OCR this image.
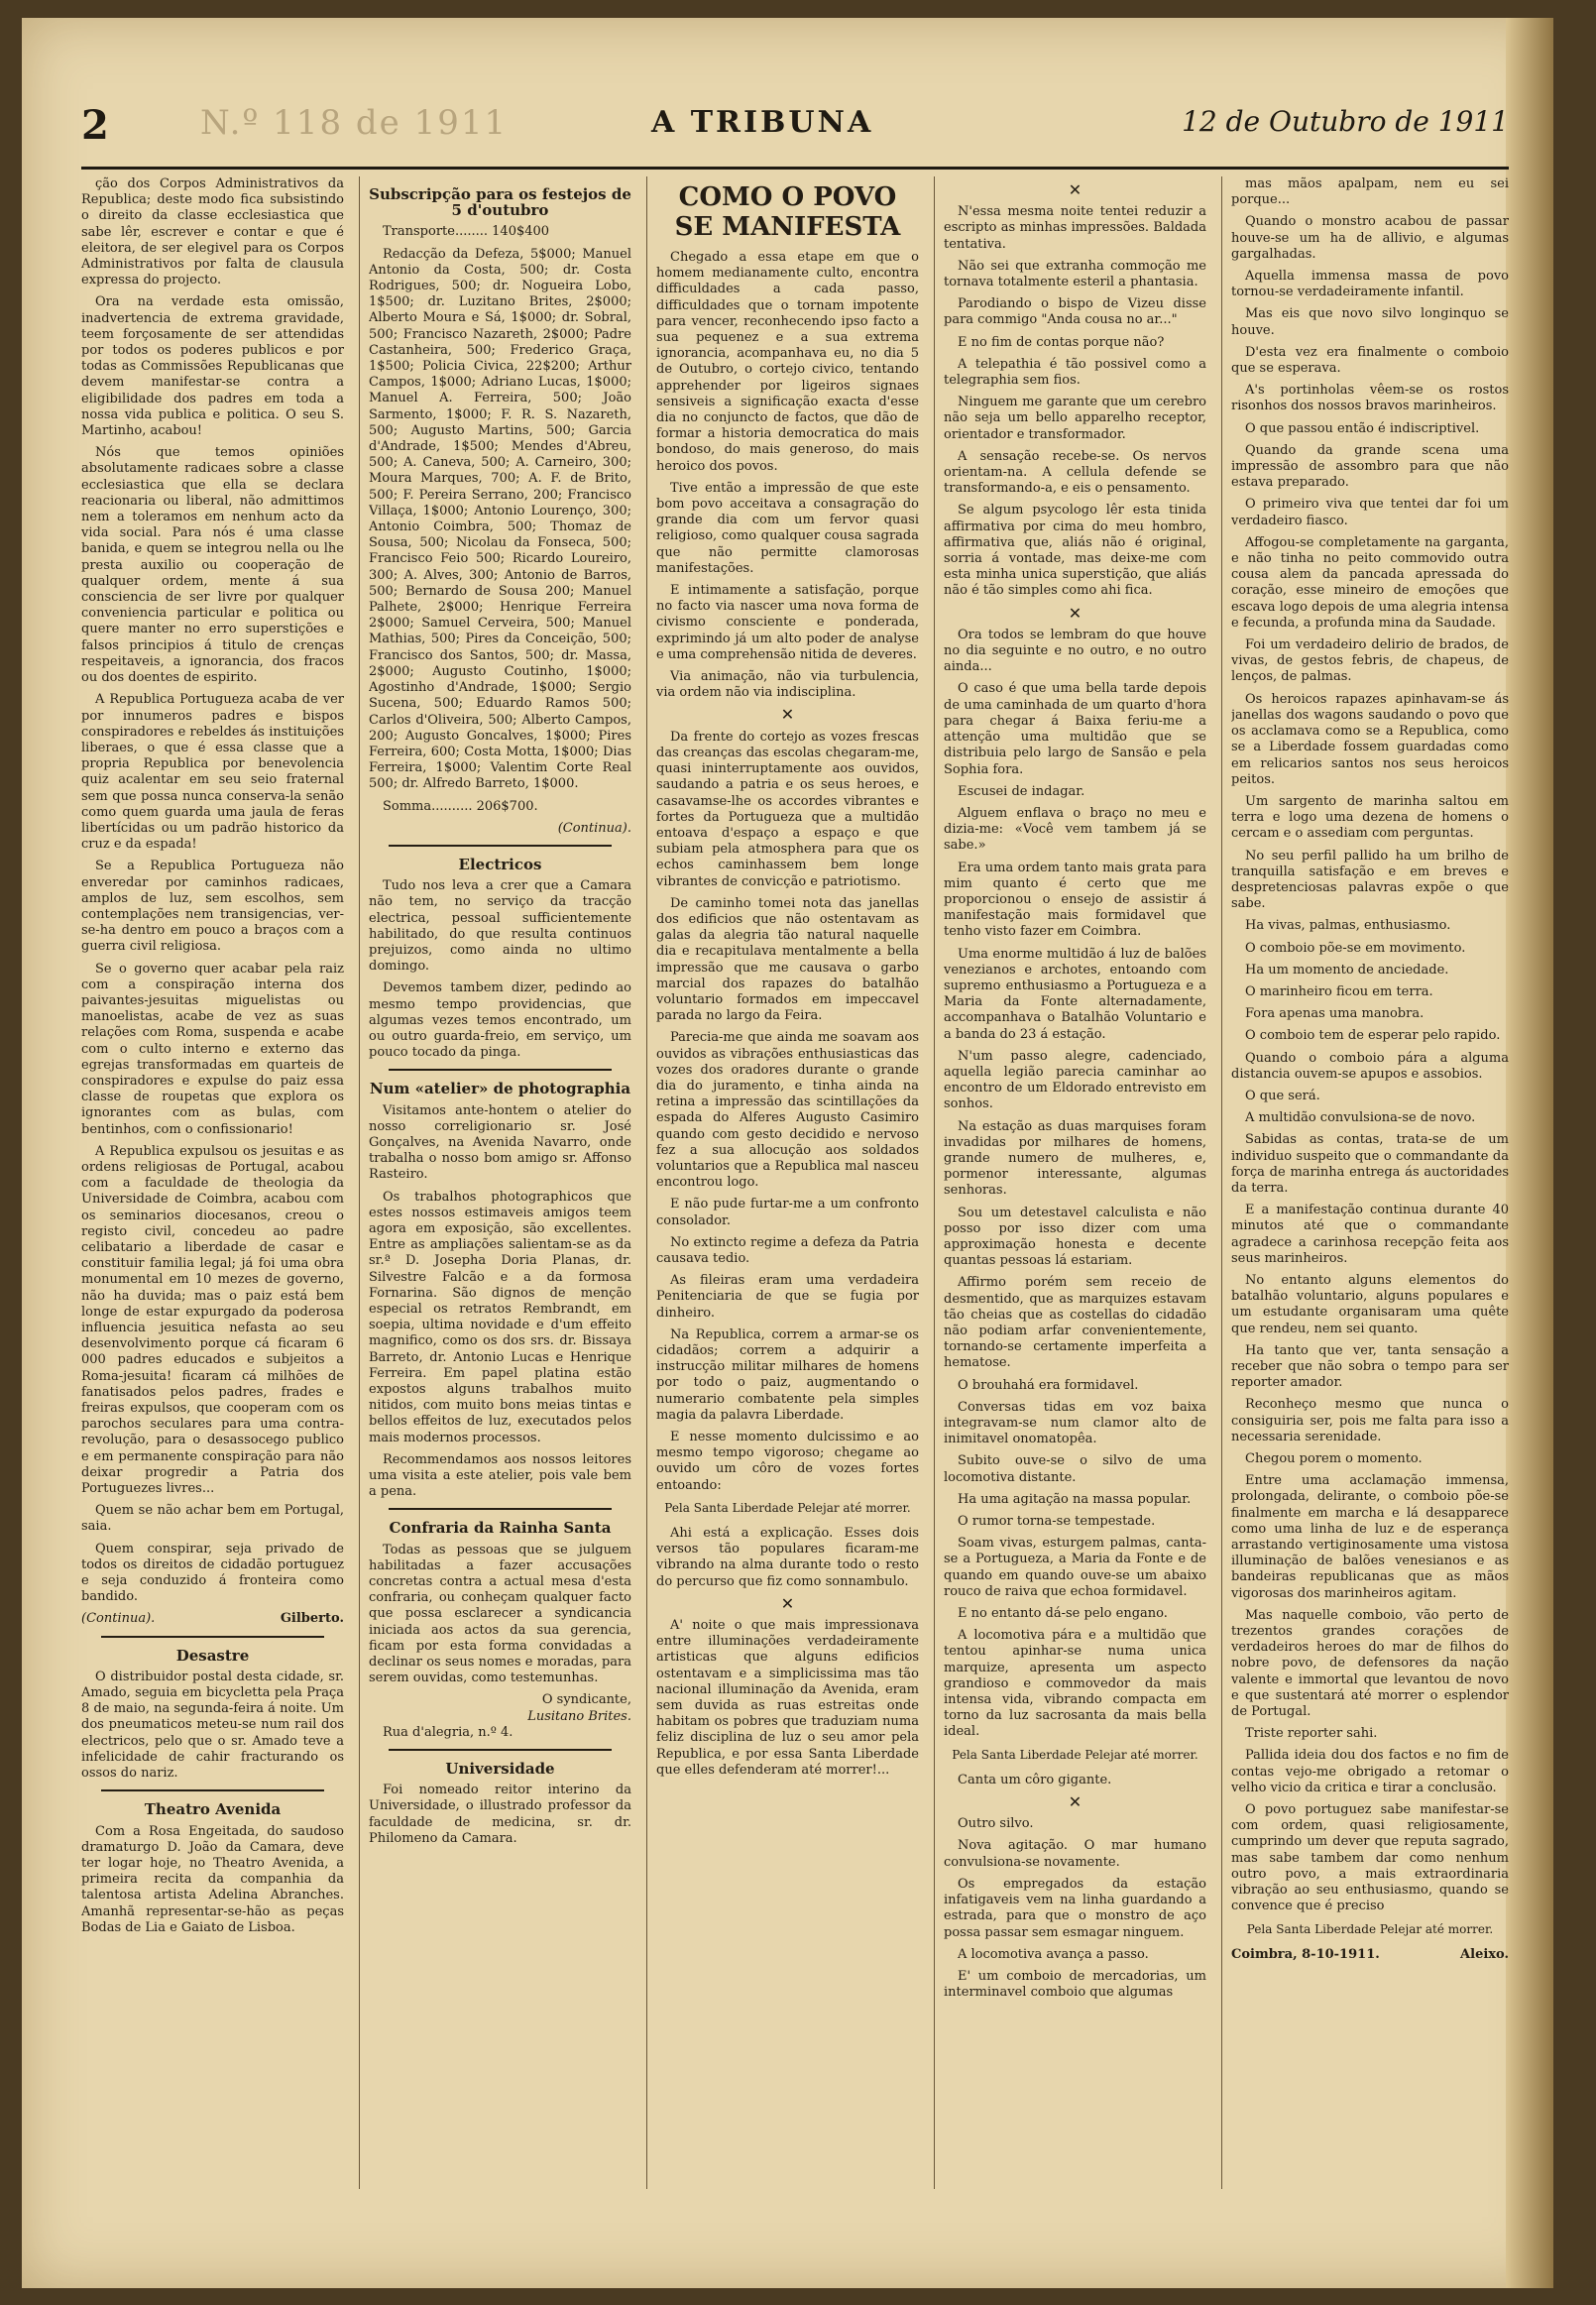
2	N.º 118 de 1911	A TRIBUNA	12 de Outubro de 1911

ção dos Corpos Administrativos da Republica; deste modo fica subsistindo o direito da classe ecclesiastica que sabe lêr, escrever e contar e que é eleitora, de ser elegivel para os Corpos Administrativos por falta de clausula expressa do projecto.

Ora na verdade esta omissão, inadvertencia de extrema gravidade, teem forçosamente de ser attendidas por todos os poderes publicos e por todas as Commissões Republicanas que devem manifestar-se contra a eligibilidade dos padres em toda a nossa vida publica e politica. O seu S. Martinho, acabou!

Nós que temos opiniões absolutamente radicaes sobre a classe ecclesiastica que ella se declara reacionaria ou liberal, não admittimos nem a toleramos em nenhum acto da vida social. Para nós é uma classe banida, e quem se integrou nella ou lhe presta auxilio ou cooperação de qualquer ordem, mente á sua consciencia de ser livre por qualquer conveniencia particular e politica ou quere manter no erro superstições e falsos principios á titulo de crenças respeitaveis, a ignorancia, dos fracos ou dos doentes de espirito.

A Republica Portugueza acaba de ver por innumeros padres e bispos conspiradores e rebeldes ás instituições liberaes, o que é essa classe que a propria Republica por benevolencia quiz acalentar em seu seio fraternal sem que possa nunca conserva-la senão como quem guarda uma jaula de feras libertícidas ou um padrão historico da cruz e da espada!

Se a Republica Portugueza não enveredar por caminhos radicaes, amplos de luz, sem escolhos, sem contemplações nem transigencias, ver-se-ha dentro em pouco a braços com a guerra civil religiosa.

Se o governo quer acabar pela raiz com a conspiração interna dos paivantes-jesuitas miguelistas ou manoelistas, acabe de vez as suas relações com Roma, suspenda e acabe com o culto interno e externo das egrejas transformadas em quarteis de conspiradores e expulse do paiz essa classe de roupetas que explora os ignorantes com as bulas, com bentinhos, com o confissionario!

A Republica expulsou os jesuitas e as ordens religiosas de Portugal, acabou com a faculdade de theologia da Universidade de Coimbra, acabou com os seminarios diocesanos, creou o registo civil, concedeu ao padre celibatario a liberdade de casar e constituir familia legal; já foi uma obra monumental em 10 mezes de governo, não ha duvida; mas o paiz está bem longe de estar expurgado da poderosa influencia jesuitica nefasta ao seu desenvolvimento porque cá ficaram 6 000 padres educados e subjeitos a Roma-jesuita! ficaram cá milhões de fanatisados pelos padres, frades e freiras expulsos, que cooperam com os parochos seculares para uma contra-revolução, para o desassocego publico e em permanente conspiração para não deixar progredir a Patria dos Portuguezes livres...

Quem se não achar bem em Portugal, saia.

Quem conspirar, seja privado de todos os direitos de cidadão portuguez e seja conduzido á fronteira como bandido.

(Continua).	Gilberto.
Desastre

O distribuidor postal desta cidade, sr. Amado, seguia em bicycletta pela Praça 8 de maio, na segunda-feira á noite. Um dos pneumaticos meteu-se num rail dos electricos, pelo que o sr. Amado teve a infelicidade de cahir fracturando os ossos do nariz.

Theatro Avenida

Com a Rosa Engeitada, do saudoso dramaturgo D. João da Camara, deve ter logar hoje, no Theatro Avenida, a primeira recita da companhia da talentosa artista Adelina Abranches. Amanhã representar-se-hão as peças Bodas de Lia e Gaiato de Lisboa.

Subscripção para os festejos de 5 d'outubro

Transporte........ 140$400

Redacção da Defeza, 5$000; Manuel Antonio da Costa, 500; dr. Costa Rodrigues, 500; dr. Nogueira Lobo, 1$500; dr. Luzitano Brites, 2$000; Alberto Moura e Sá, 1$000; dr. Sobral, 500; Francisco Nazareth, 2$000; Padre Castanheira, 500; Frederico Graça, 1$500; Policia Civica, 22$200; Arthur Campos, 1$000; Adriano Lucas, 1$000; Manuel A. Ferreira, 500; João Sarmento, 1$000; F. R. S. Nazareth, 500; Augusto Martins, 500; Garcia d'Andrade, 1$500; Mendes d'Abreu, 500; A. Caneva, 500; A. Carneiro, 300; Moura Marques, 700; A. F. de Brito, 500; F. Pereira Serrano, 200; Francisco Villaça, 1$000; Antonio Lourenço, 300; Antonio Coimbra, 500; Thomaz de Sousa, 500; Nicolau da Fonseca, 500; Francisco Feio 500; Ricardo Loureiro, 300; A. Alves, 300; Antonio de Barros, 500; Bernardo de Sousa 200; Manuel Palhete, 2$000; Henrique Ferreira 2$000; Samuel Cerveira, 500; Manuel Mathias, 500; Pires da Conceição, 500; Francisco dos Santos, 500; dr. Massa, 2$000; Augusto Coutinho, 1$000; Agostinho d'Andrade, 1$000; Sergio Sucena, 500; Eduardo Ramos 500; Carlos d'Oliveira, 500; Alberto Campos, 200; Augusto Goncalves, 1$000; Pires Ferreira, 600; Costa Motta, 1$000; Dias Ferreira, 1$000; Valentim Corte Real 500; dr. Alfredo Barreto, 1$000.

Somma.......... 206$700.

(Continua).
Electricos

Tudo nos leva a crer que a Camara não tem, no serviço da tracção electrica, pessoal sufficientemente habilitado, do que resulta continuos prejuizos, como ainda no ultimo domingo.

Devemos tambem dizer, pedindo ao mesmo tempo providencias, que algumas vezes temos encontrado, um ou outro guarda-freio, em serviço, um pouco tocado da pinga.

Num «atelier» de photographia

Visitamos ante-hontem o atelier do nosso correligionario sr. José Gonçalves, na Avenida Navarro, onde trabalha o nosso bom amigo sr. Affonso Rasteiro.

Os trabalhos photographicos que estes nossos estimaveis amigos teem agora em exposição, são excellentes. Entre as ampliações salientam-se as da sr.ª D. Josepha Doria Planas, dr. Silvestre Falcão e a da formosa Fornarina. São dignos de menção especial os retratos Rembrandt, em soepia, ultima novidade e d'um effeito magnifico, como os dos srs. dr. Bissaya Barreto, dr. Antonio Lucas e Henrique Ferreira. Em papel platina estão expostos alguns trabalhos muito nitidos, com muito bons meias tintas e bellos effeitos de luz, executados pelos mais modernos processos.

Recommendamos aos nossos leitores uma visita a este atelier, pois vale bem a pena.

Confraria da Rainha Santa

Todas as pessoas que se julguem habilitadas a fazer accusações concretas contra a actual mesa d'esta confraria, ou conheçam qualquer facto que possa esclarecer a syndicancia iniciada aos actos da sua gerencia, ficam por esta forma convidadas a declinar os seus nomes e moradas, para serem ouvidas, como testemunhas.

O syndicante,
Lusitano Brites.

Rua d'alegria, n.º 4.

Universidade

Foi nomeado reitor interino da Universidade, o illustrado professor da faculdade de medicina, sr. dr. Philomeno da Camara.

COMO O POVO SE MANIFESTA

Chegado a essa etape em que o homem medianamente culto, encontra difficuldades a cada passo, difficuldades que o tornam impotente para vencer, reconhecendo ipso facto a sua pequenez e a sua extrema ignorancia, acompanhava eu, no dia 5 de Outubro, o cortejo civico, tentando apprehender por ligeiros signaes sensiveis a significação exacta d'esse dia no conjuncto de factos, que dão de formar a historia democratica do mais bondoso, do mais generoso, do mais heroico dos povos.

Tive então a impressão de que este bom povo acceitava a consagração do grande dia com um fervor quasi religioso, como qualquer cousa sagrada que não permitte clamorosas manifestações.

E intimamente a satisfação, porque no facto via nascer uma nova forma de civismo consciente e ponderada, exprimindo já um alto poder de analyse e uma comprehensão nitida de deveres.

Via animação, não via turbulencia, via ordem não via indisciplina.

✕

Da frente do cortejo as vozes frescas das creanças das escolas chegaram-me, quasi ininterruptamente aos ouvidos, saudando a patria e os seus heroes, e casavamse-lhe os accordes vibrantes e fortes da Portugueza que a multidão entoava d'espaço a espaço e que subiam pela atmosphera para que os echos caminhassem bem longe vibrantes de convicção e patriotismo.

De caminho tomei nota das janellas dos edificios que não ostentavam as galas da alegria tão natural naquelle dia e recapitulava mentalmente a bella impressão que me causava o garbo marcial dos rapazes do batalhão voluntario formados em impeccavel parada no largo da Feira.

Parecia-me que ainda me soavam aos ouvidos as vibrações enthusiasticas das vozes dos oradores durante o grande dia do juramento, e tinha ainda na retina a impressão das scintillações da espada do Alferes Augusto Casimiro quando com gesto decidido e nervoso fez a sua allocução aos soldados voluntarios que a Republica mal nasceu encontrou logo.

E não pude furtar-me a um confronto consolador.

No extincto regime a defeza da Patria causava tedio.

As fileiras eram uma verdadeira Penitenciaria de que se fugia por dinheiro.

Na Republica, correm a armar-se os cidadãos; correm a adquirir a instrucção militar milhares de homens por todo o paiz, augmentando o numerario combatente pela simples magia da palavra Liberdade.

E nesse momento dulcissimo e ao mesmo tempo vigoroso; chegame ao ouvido um côro de vozes fortes entoando:

Pela Santa Liberdade Pelejar até morrer.

Ahi está a explicação. Esses dois versos tão populares ficaram-me vibrando na alma durante todo o resto do percurso que fiz como sonnambulo.

✕

A' noite o que mais impressionava entre illuminações verdadeiramente artisticas que alguns edificios ostentavam e a simplicissima mas tão nacional illuminação da Avenida, eram sem duvida as ruas estreitas onde habitam os pobres que traduziam numa feliz disciplina de luz o seu amor pela Republica, e por essa Santa Liberdade que elles defenderam até morrer!...

✕

N'essa mesma noite tentei reduzir a escripto as minhas impressões. Baldada tentativa.

Não sei que extranha commoção me tornava totalmente esteril a phantasia.

Parodiando o bispo de Vizeu disse para commigo "Anda cousa no ar..."

E no fim de contas porque não?

A telepathia é tão possivel como a telegraphia sem fios.

Ninguem me garante que um cerebro não seja um bello apparelho receptor, orientador e transformador.

A sensação recebe-se. Os nervos orientam-na. A cellula defende se transformando-a, e eis o pensamento.

Se algum psycologo lêr esta tinida affirmativa por cima do meu hombro, affirmativa que, aliás não é original, sorria á vontade, mas deixe-me com esta minha unica superstição, que aliás não é tão simples como ahi fica.

✕

Ora todos se lembram do que houve no dia seguinte e no outro, e no outro ainda...

O caso é que uma bella tarde depois de uma caminhada de um quarto d'hora para chegar á Baixa feriu-me a attenção uma multidão que se distribuia pelo largo de Sansão e pela Sophia fora.

Escusei de indagar.

Alguem enflava o braço no meu e dizia-me: «Você vem tambem já se sabe.»

Era uma ordem tanto mais grata para mim quanto é certo que me proporcionou o ensejo de assistir á manifestação mais formidavel que tenho visto fazer em Coimbra.

Uma enorme multidão á luz de balões venezianos e archotes, entoando com supremo enthusiasmo a Portugueza e a Maria da Fonte alternadamente, accompanhava o Batalhão Voluntario e a banda do 23 á estação.

N'um passo alegre, cadenciado, aquella legião parecia caminhar ao encontro de um Eldorado entrevisto em sonhos.

Na estação as duas marquises foram invadidas por milhares de homens, grande numero de mulheres, e, pormenor interessante, algumas senhoras.

Sou um detestavel calculista e não posso por isso dizer com uma approximação honesta e decente quantas pessoas lá estariam.

Affirmo porém sem receio de desmentido, que as marquizes estavam tão cheias que as costellas do cidadão não podiam arfar convenientemente, tornando-se certamente imperfeita a hematose.

O brouhahá era formidavel.

Conversas tidas em voz baixa integravam-se num clamor alto de inimitavel onomatopêa.

Subito ouve-se o silvo de uma locomotiva distante.

Ha uma agitação na massa popular.

O rumor torna-se tempestade.

Soam vivas, esturgem palmas, canta-se a Portugueza, a Maria da Fonte e de quando em quando ouve-se um abaixo rouco de raiva que echoa formidavel.

E no entanto dá-se pelo engano.

A locomotiva pára e a multidão que tentou apinhar-se numa unica marquize, apresenta um aspecto grandioso e commovedor da mais intensa vida, vibrando compacta em torno da luz sacrosanta da mais bella ideal.

Pela Santa Liberdade Pelejar até morrer.

Canta um côro gigante.

✕

Outro silvo.

Nova agitação. O mar humano convulsiona-se novamente.

Os empregados da estação infatigaveis vem na linha guardando a estrada, para que o monstro de aço possa passar sem esmagar ninguem.

A locomotiva avança a passo.

E' um comboio de mercadorias, um interminavel comboio que algumas

mas mãos apalpam, nem eu sei porque...

Quando o monstro acabou de passar houve-se um ha de allivio, e algumas gargalhadas.

Aquella immensa massa de povo tornou-se verdadeiramente infantil.

Mas eis que novo silvo longinquo se houve.

D'esta vez era finalmente o comboio que se esperava.

A's portinholas vêem-se os rostos risonhos dos nossos bravos marinheiros.

O que passou então é indiscriptivel.

Quando da grande scena uma impressão de assombro para que não estava preparado.

O primeiro viva que tentei dar foi um verdadeiro fiasco.

Affogou-se completamente na garganta, e não tinha no peito commovido outra cousa alem da pancada apressada do coração, esse mineiro de emoções que escava logo depois de uma alegria intensa e fecunda, a profunda mina da Saudade.

Foi um verdadeiro delirio de brados, de vivas, de gestos febris, de chapeus, de lenços, de palmas.

Os heroicos rapazes apinhavam-se ás janellas dos wagons saudando o povo que os acclamava como se a Republica, como se a Liberdade fossem guardadas como em relicarios santos nos seus heroicos peitos.

Um sargento de marinha saltou em terra e logo uma dezena de homens o cercam e o assediam com perguntas.

No seu perfil pallido ha um brilho de tranquilla satisfação e em breves e despretenciosas palavras expõe o que sabe.

Ha vivas, palmas, enthusiasmo.

O comboio põe-se em movimento.

Ha um momento de anciedade.

O marinheiro ficou em terra.

Fora apenas uma manobra.

O comboio tem de esperar pelo rapido.

Quando o comboio pára a alguma distancia ouvem-se apupos e assobios.

O que será.

A multidão convulsiona-se de novo.

Sabidas as contas, trata-se de um individuo suspeito que o commandante da força de marinha entrega ás auctoridades da terra.

E a manifestação continua durante 40 minutos até que o commandante agradece a carinhosa recepção feita aos seus marinheiros.

No entanto alguns elementos do batalhão voluntario, alguns populares e um estudante organisaram uma quête que rendeu, nem sei quanto.

Ha tanto que ver, tanta sensação a receber que não sobra o tempo para ser reporter amador.

Reconheço mesmo que nunca o consiguiria ser, pois me falta para isso a necessaria serenidade.

Chegou porem o momento.

Entre uma acclamação immensa, prolongada, delirante, o comboio põe-se finalmente em marcha e lá desapparece como uma linha de luz e de esperança arrastando vertiginosamente uma vistosa illuminação de balões venesianos e as bandeiras republicanas que as mãos vigorosas dos marinheiros agitam.

Mas naquelle comboio, vão perto de trezentos grandes corações de verdadeiros heroes do mar de filhos do nobre povo, de defensores da nação valente e immortal que levantou de novo e que sustentará até morrer o esplendor de Portugal.

Triste reporter sahi.

Pallida ideia dou dos factos e no fim de contas vejo-me obrigado a retomar o velho vicio da critica e tirar a conclusão.

O povo portuguez sabe manifestar-se com ordem, quasi religiosamente, cumprindo um dever que reputa sagrado, mas sabe tambem dar como nenhum outro povo, a mais extraordinaria vibração ao seu enthusiasmo, quando se convence que é preciso

Pela Santa Liberdade Pelejar até morrer.
Coimbra, 8-10-1911.	Aleixo.
